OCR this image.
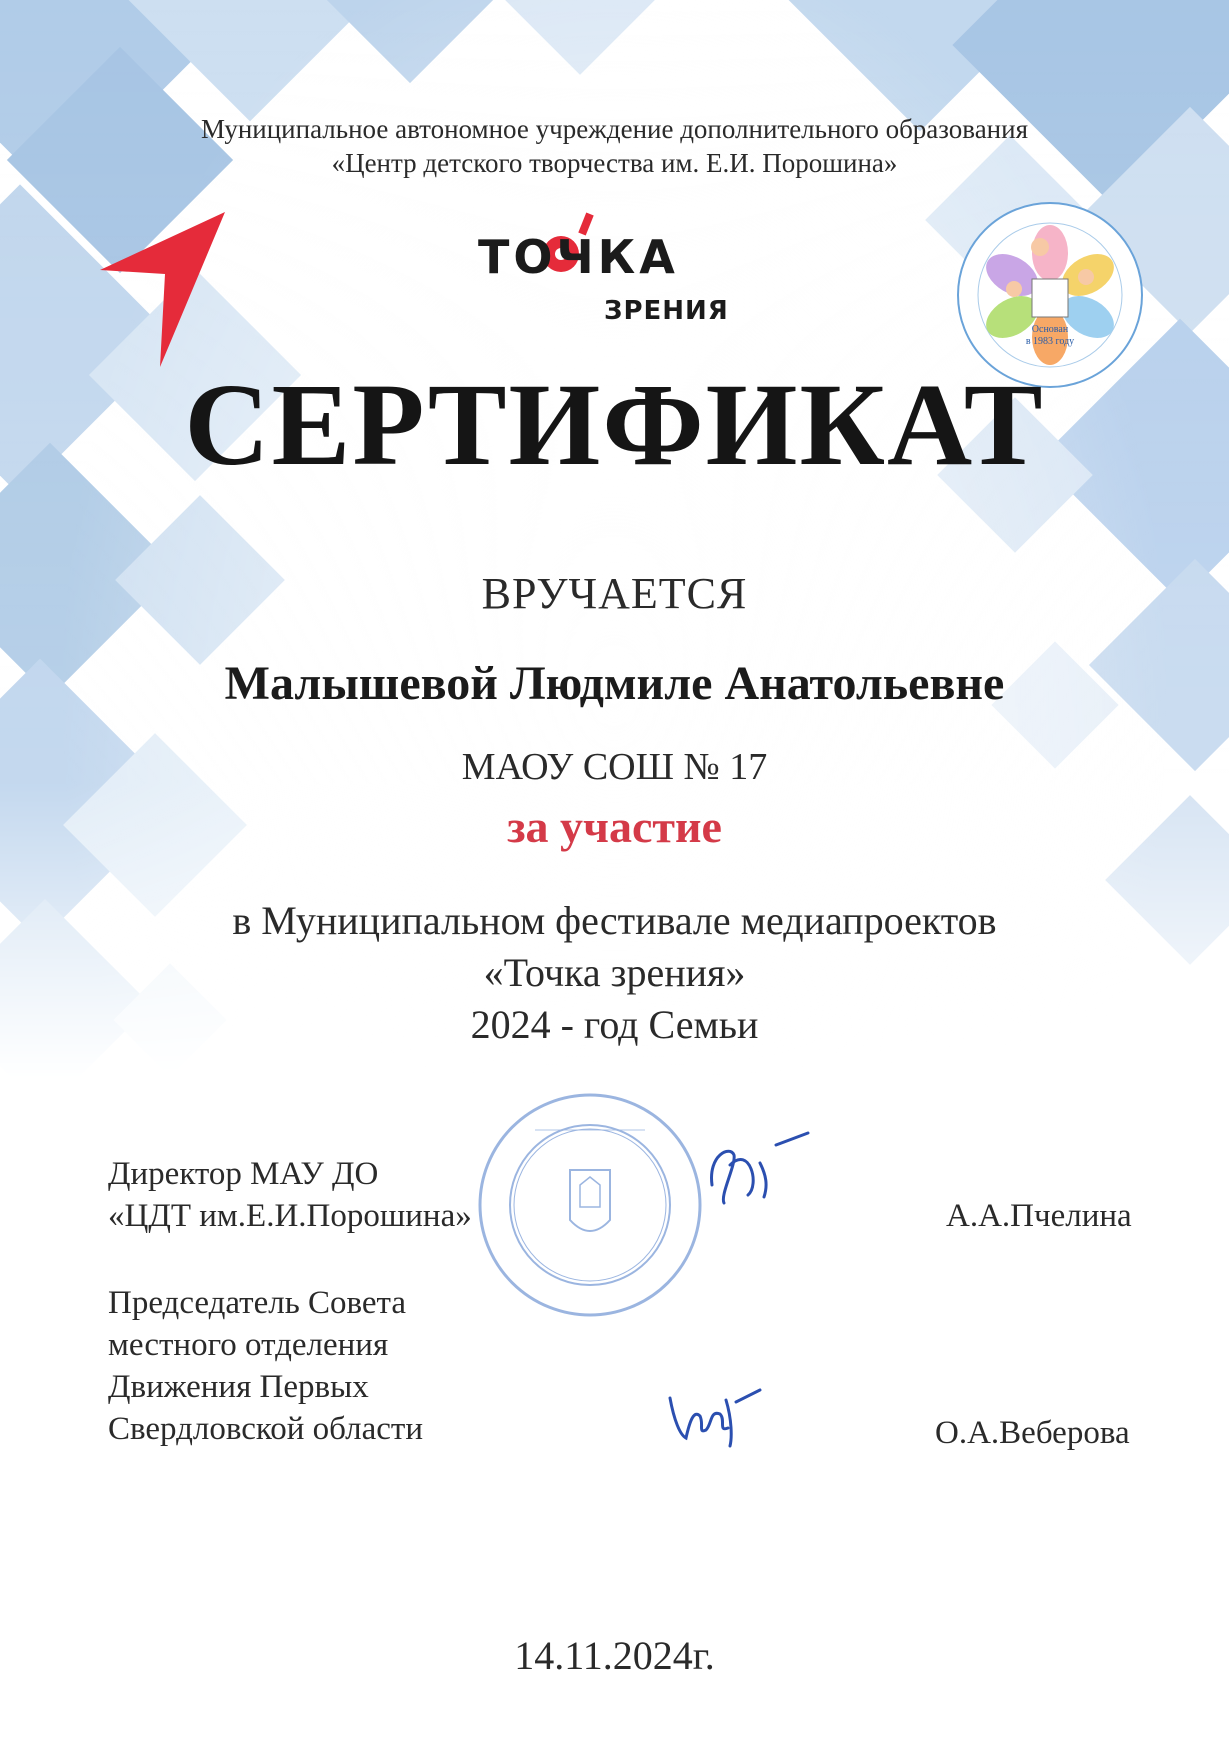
Муниципальное автономное учреждение дополнительного образования
«Центр детского творчества им. Е.И. Порошина»
ТОЧКА
ЗРЕНИЯ
Основан
в 1983 году
СЕРТИФИКАТ
ВРУЧАЕТСЯ
Малышевой Людмиле Анатольевне
МАОУ СОШ № 17
за участие
в Муниципальном фестивале медиапроектов
«Точка зрения»
2024 - год Семьи
Директор МАУ ДО
«ЦДТ им.Е.И.Порошина»	А.А.Пчелина
Председатель Совета
местного отделения
Движения Первых
Свердловской области	О.А.Веберова
14.11.2024г.
